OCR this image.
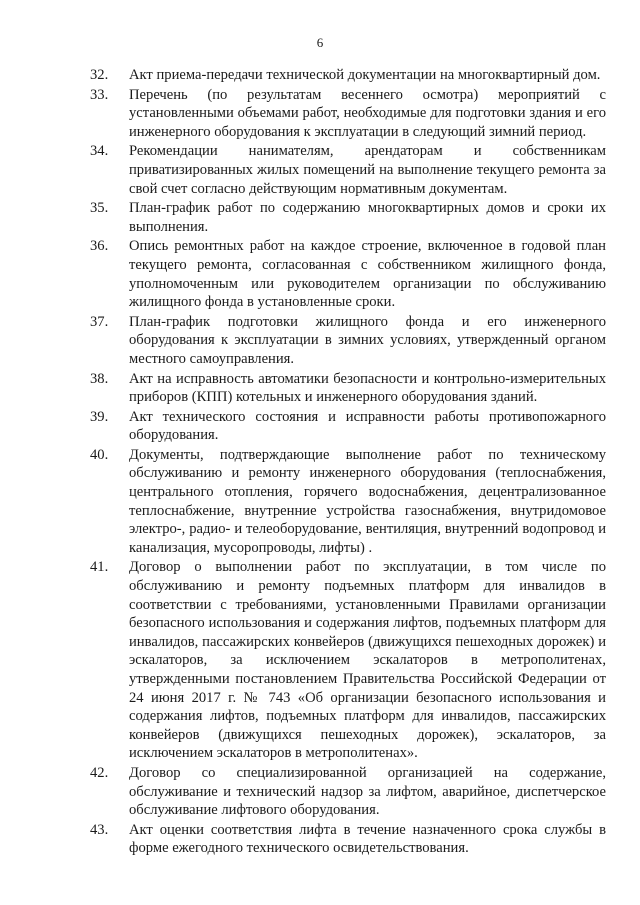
6
32. Акт приема-передачи технической документации на многоквартирный дом.
33. Перечень (по результатам весеннего осмотра) мероприятий с установленными объемами работ, необходимые для подготовки здания и его инженерного оборудования к эксплуатации в следующий зимний период.
34. Рекомендации нанимателям, арендаторам и собственникам приватизированных жилых помещений на выполнение текущего ремонта за свой счет согласно действующим нормативным документам.
35. План-график работ по содержанию многоквартирных домов и сроки их выполнения.
36. Опись ремонтных работ на каждое строение, включенное в годовой план текущего ремонта, согласованная с собственником жилищного фонда, уполномоченным или руководителем организации по обслуживанию жилищного фонда в установленные сроки.
37. План-график подготовки жилищного фонда и его инженерного оборудования к эксплуатации в зимних условиях, утвержденный органом местного самоуправления.
38. Акт на исправность автоматики безопасности и контрольно-измерительных приборов (КПП) котельных и инженерного оборудования зданий.
39. Акт технического состояния и исправности работы противопожарного оборудования.
40. Документы, подтверждающие выполнение работ по техническому обслуживанию и ремонту инженерного оборудования (теплоснабжения, центрального отопления, горячего водоснабжения, децентрализованное теплоснабжение, внутренние устройства газоснабжения, внутридомовое электро-, радио- и телеоборудование, вентиляция, внутренний водопровод и канализация, мусоропроводы, лифты) .
41. Договор о выполнении работ по эксплуатации, в том числе по обслуживанию и ремонту подъемных платформ для инвалидов в соответствии с требованиями, установленными Правилами организации безопасного использования и содержания лифтов, подъемных платформ для инвалидов, пассажирских конвейеров (движущихся пешеходных дорожек) и эскалаторов, за исключением эскалаторов в метрополитенах, утвержденными постановлением Правительства Российской Федерации от 24 июня 2017 г. № 743 «Об организации безопасного использования и содержания лифтов, подъемных платформ для инвалидов, пассажирских конвейеров (движущихся пешеходных дорожек), эскалаторов, за исключением эскалаторов в метрополитенах».
42. Договор со специализированной организацией на содержание, обслуживание и технический надзор за лифтом, аварийное, диспетчерское обслуживание лифтового оборудования.
43. Акт оценки соответствия лифта в течение назначенного срока службы в форме ежегодного технического освидетельствования.
